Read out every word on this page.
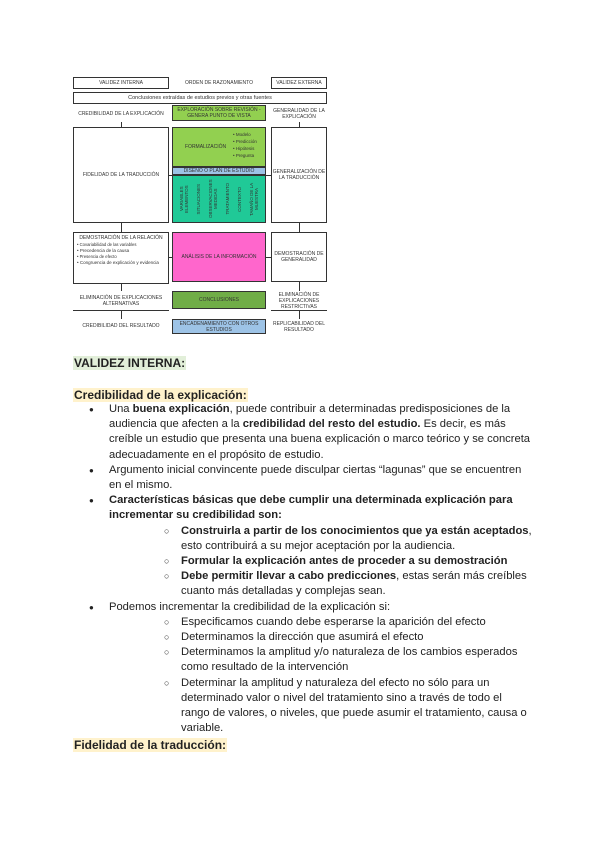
VALIDEZ INTERNA	ORDEN DE RAZONAMIENTO	VALIDEZ EXTERNA
Conclusiones extraídas de estudios previos y otras fuentes
CREDIBILIDAD DE LA EXPLICACIÓN
EXPLORACIÓN SOBRE REVISIÓN - GENERA PUNTO DE VISTA
GENERALIDAD DE LA EXPLICACIÓN
FIDELIDAD DE LA TRADUCCIÓN
FORMALIZACIÓN
• Modelo
• Predicción
• Hipótesis
• Pregunta
DISEÑO O PLAN DE ESTUDIO
VARIABLES ELEMENTOS SITUACIONES OBSERVACIONES MEDIDAS TRATAMIENTO CONTEXTO TAMAÑO DE LA MUESTRA
GENERALIZACIÓN DE LA TRADUCCIÓN
DEMOSTRACIÓN DE LA RELACIÓN
• Covariabilidad de las variables
• Precedencia de la causa
• Presencia de efecto
• Congruencia de explicación y evidencia
ANÁLISIS DE LA INFORMACIÓN	DEMOSTRACIÓN DE GENERALIDAD
ELIMINACIÓN DE EXPLICACIONES ALTERNATIVAS
CONCLUSIONES
ELIMINACIÓN DE EXPLICACIONES RESTRICTIVAS
CREDIBILIDAD DEL RESULTADO	ENCADENAMIENTO CON OTROS ESTUDIOS
REPLICABILIDAD DEL RESULTADO
VALIDEZ INTERNA:
Credibilidad de la explicación:
● Una buena explicación, puede contribuir a determinadas predisposiciones de la audiencia que afecten a la credibilidad del resto del estudio. Es decir, es más creíble un estudio que presenta una buena explicación o marco teórico y se concreta adecuadamente en el propósito de estudio.
● Argumento inicial convincente puede disculpar ciertas “lagunas” que se encuentren en el mismo.
● Características básicas que debe cumplir una determinada explicación para incrementar su credibilidad son:
○ Construirla a partir de los conocimientos que ya están aceptados, esto contribuirá a su mejor aceptación por la audiencia.
○ Formular la explicación antes de proceder a su demostración
○ Debe permitir llevar a cabo predicciones, estas serán más creíbles cuanto más detalladas y complejas sean.
● Podemos incrementar la credibilidad de la explicación si:
○ Especificamos cuando debe esperarse la aparición del efecto
○ Determinamos la dirección que asumirá el efecto
○ Determinamos la amplitud y/o naturaleza de los cambios esperados como resultado de la intervención
○ Determinar la amplitud y naturaleza del efecto no sólo para un determinado valor o nivel del tratamiento sino a través de todo el rango de valores, o niveles, que puede asumir el tratamiento, causa o variable.
Fidelidad de la traducción:
